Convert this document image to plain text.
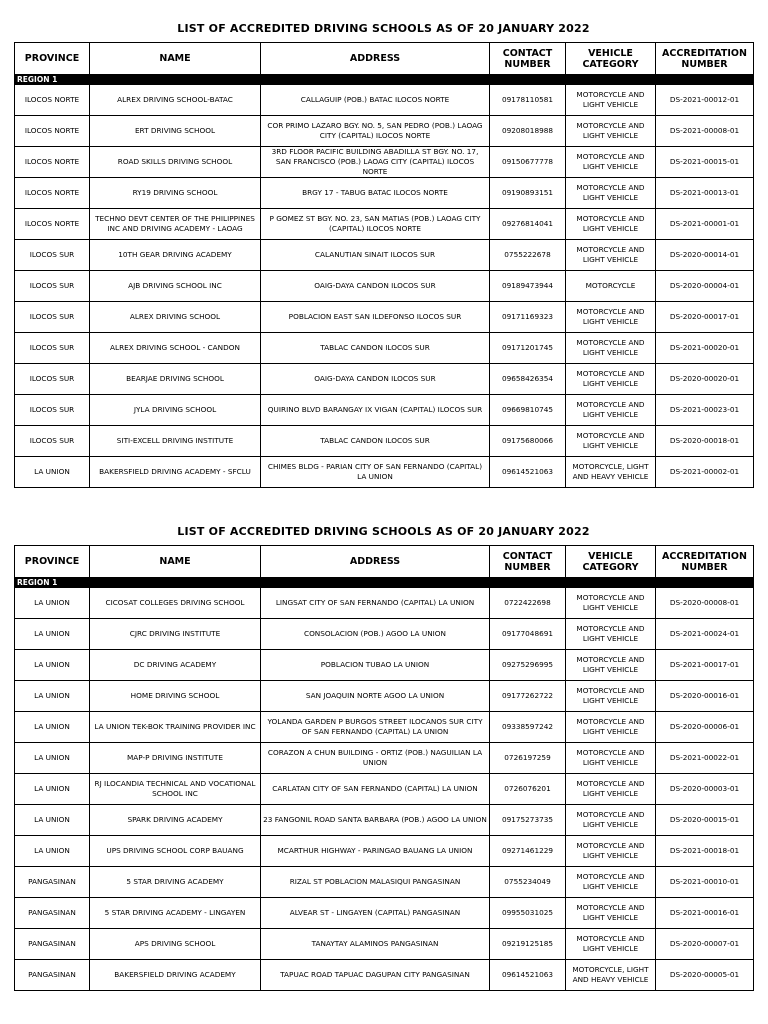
LIST OF ACCREDITED DRIVING SCHOOLS AS OF 20 JANUARY 2022
PROVINCE	NAME	ADDRESS	CONTACT NUMBER	VEHICLE CATEGORY	ACCREDITATION NUMBER
REGION 1					
ILOCOS NORTE	ALREX DRIVING SCHOOL-BATAC	CALLAGUIP (POB.) BATAC ILOCOS NORTE	09178110581	MOTORCYCLE AND LIGHT VEHICLE	DS-2021-00012-01
ILOCOS NORTE	ERT DRIVING SCHOOL	COR PRIMO LAZARO BGY. NO. 5, SAN PEDRO (POB.) LAOAG CITY (CAPITAL) ILOCOS NORTE	09208018988	MOTORCYCLE AND LIGHT VEHICLE	DS-2021-00008-01
ILOCOS NORTE	ROAD SKILLS DRIVING SCHOOL	3RD FLOOR PACIFIC BUILDING ABADILLA ST BGY. NO. 17, SAN FRANCISCO (POB.) LAOAG CITY (CAPITAL) ILOCOS NORTE	09150677778	MOTORCYCLE AND LIGHT VEHICLE	DS-2021-00015-01
ILOCOS NORTE	RY19 DRIVING SCHOOL	BRGY 17 - TABUG BATAC ILOCOS NORTE	09190893151	MOTORCYCLE AND LIGHT VEHICLE	DS-2021-00013-01
ILOCOS NORTE	TECHNO DEVT CENTER OF THE PHILIPPINES INC AND DRIVING ACADEMY - LAOAG	P GOMEZ ST BGY. NO. 23, SAN MATIAS (POB.) LAOAG CITY (CAPITAL) ILOCOS NORTE	09276814041	MOTORCYCLE AND LIGHT VEHICLE	DS-2021-00001-01
ILOCOS SUR	10TH GEAR DRIVING ACADEMY	CALANUTIAN SINAIT ILOCOS SUR	0755222678	MOTORCYCLE AND LIGHT VEHICLE	DS-2020-00014-01
ILOCOS SUR	AJB DRIVING SCHOOL INC	OAIG-DAYA CANDON ILOCOS SUR	09189473944	MOTORCYCLE	DS-2020-00004-01
ILOCOS SUR	ALREX DRIVING SCHOOL	POBLACION EAST SAN ILDEFONSO ILOCOS SUR	09171169323	MOTORCYCLE AND LIGHT VEHICLE	DS-2020-00017-01
ILOCOS SUR	ALREX DRIVING SCHOOL - CANDON	TABLAC CANDON ILOCOS SUR	09171201745	MOTORCYCLE AND LIGHT VEHICLE	DS-2021-00020-01
ILOCOS SUR	BEARJAE DRIVING SCHOOL	OAIG-DAYA CANDON ILOCOS SUR	09658426354	MOTORCYCLE AND LIGHT VEHICLE	DS-2020-00020-01
ILOCOS SUR	JYLA DRIVING SCHOOL	QUIRINO BLVD BARANGAY IX VIGAN (CAPITAL) ILOCOS SUR	09669810745	MOTORCYCLE AND LIGHT VEHICLE	DS-2021-00023-01
ILOCOS SUR	SITI-EXCELL DRIVING INSTITUTE	TABLAC CANDON ILOCOS SUR	09175680066	MOTORCYCLE AND LIGHT VEHICLE	DS-2020-00018-01
LA UNION	BAKERSFIELD DRIVING ACADEMY - SFCLU	CHIMES BLDG - PARIAN CITY OF SAN FERNANDO (CAPITAL) LA UNION	09614521063	MOTORCYCLE, LIGHT AND HEAVY VEHICLE	DS-2021-00002-01
LIST OF ACCREDITED DRIVING SCHOOLS AS OF 20 JANUARY 2022
PROVINCE	NAME	ADDRESS	CONTACT NUMBER	VEHICLE CATEGORY	ACCREDITATION NUMBER
REGION 1					
LA UNION	CICOSAT COLLEGES DRIVING SCHOOL	LINGSAT CITY OF SAN FERNANDO (CAPITAL) LA UNION	0722422698	MOTORCYCLE AND LIGHT VEHICLE	DS-2020-00008-01
LA UNION	CJRC DRIVING INSTITUTE	CONSOLACION (POB.) AGOO LA UNION	09177048691	MOTORCYCLE AND LIGHT VEHICLE	DS-2021-00024-01
LA UNION	DC DRIVING ACADEMY	POBLACION TUBAO LA UNION	09275296995	MOTORCYCLE AND LIGHT VEHICLE	DS-2021-00017-01
LA UNION	HOME DRIVING SCHOOL	SAN JOAQUIN NORTE AGOO LA UNION	09177262722	MOTORCYCLE AND LIGHT VEHICLE	DS-2020-00016-01
LA UNION	LA UNION TEK-BOK TRAINING PROVIDER INC	YOLANDA GARDEN P BURGOS STREET ILOCANOS SUR CITY OF SAN FERNANDO (CAPITAL) LA UNION	09338597242	MOTORCYCLE AND LIGHT VEHICLE	DS-2020-00006-01
LA UNION	MAP-P DRIVING INSTITUTE	CORAZON A CHUN BUILDING - ORTIZ (POB.) NAGUILIAN LA UNION	0726197259	MOTORCYCLE AND LIGHT VEHICLE	DS-2021-00022-01
LA UNION	RJ ILOCANDIA TECHNICAL AND VOCATIONAL SCHOOL INC	CARLATAN CITY OF SAN FERNANDO (CAPITAL) LA UNION	0726076201	MOTORCYCLE AND LIGHT VEHICLE	DS-2020-00003-01
LA UNION	SPARK DRIVING ACADEMY	23 FANGONIL ROAD SANTA BARBARA (POB.) AGOO LA UNION	09175273735	MOTORCYCLE AND LIGHT VEHICLE	DS-2020-00015-01
LA UNION	UPS DRIVING SCHOOL CORP BAUANG	MCARTHUR HIGHWAY - PARINGAO BAUANG LA UNION	09271461229	MOTORCYCLE AND LIGHT VEHICLE	DS-2021-00018-01
PANGASINAN	5 STAR DRIVING ACADEMY	RIZAL ST POBLACION MALASIQUI PANGASINAN	0755234049	MOTORCYCLE AND LIGHT VEHICLE	DS-2021-00010-01
PANGASINAN	5 STAR DRIVING ACADEMY - LINGAYEN	ALVEAR ST - LINGAYEN (CAPITAL) PANGASINAN	09955031025	MOTORCYCLE AND LIGHT VEHICLE	DS-2021-00016-01
PANGASINAN	APS DRIVING SCHOOL	TANAYTAY ALAMINOS PANGASINAN	09219125185	MOTORCYCLE AND LIGHT VEHICLE	DS-2020-00007-01
PANGASINAN	BAKERSFIELD DRIVING ACADEMY	TAPUAC ROAD TAPUAC DAGUPAN CITY PANGASINAN	09614521063	MOTORCYCLE, LIGHT AND HEAVY VEHICLE	DS-2020-00005-01
